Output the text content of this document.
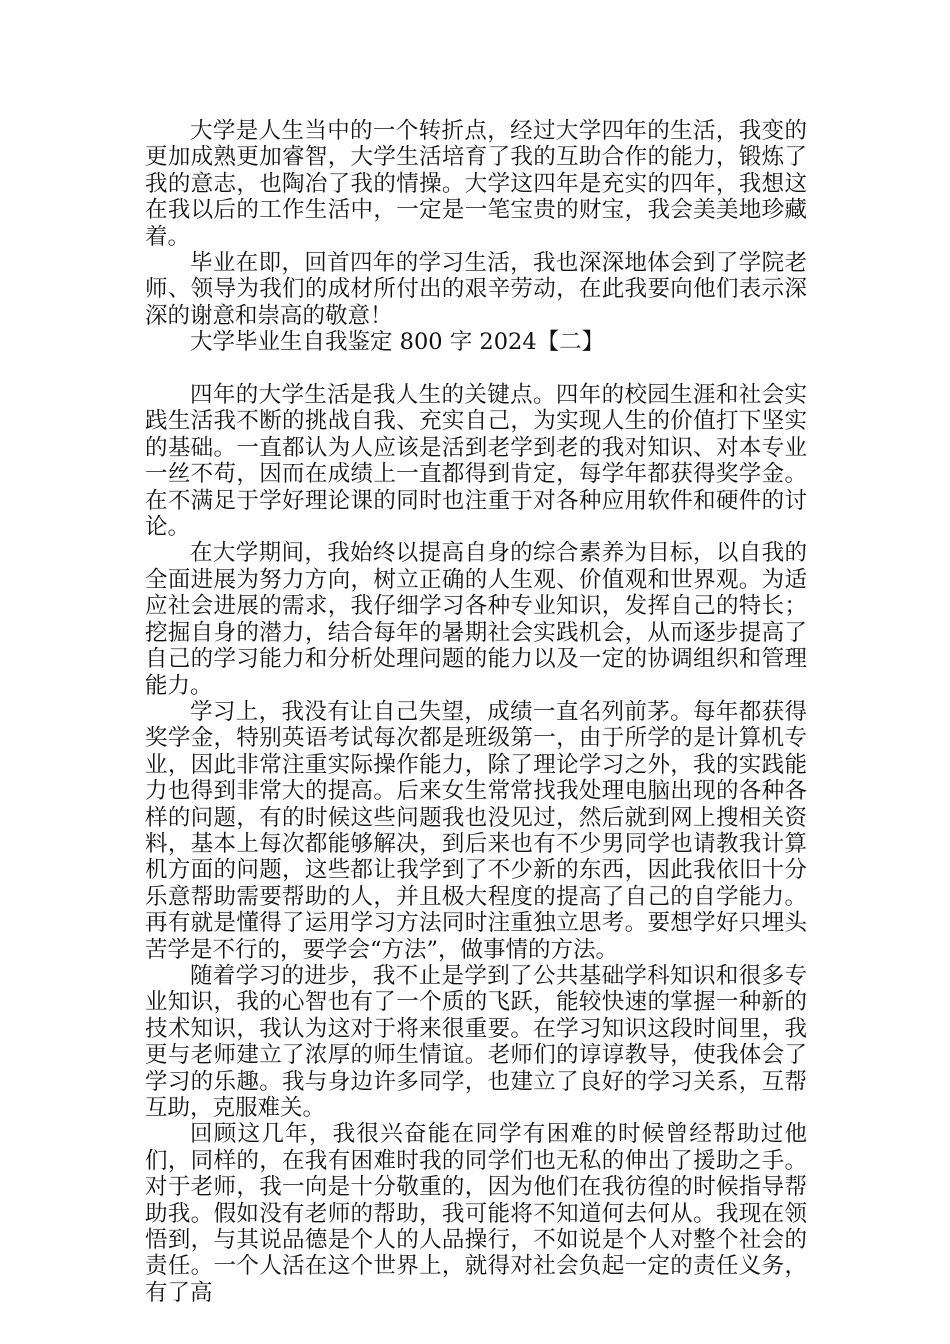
大学是人生当中的一个转折点，经过大学四年的生活，我变的更加成熟更加睿智，大学生活培育了我的互助合作的能力，锻炼了我的意志，也陶冶了我的情操。大学这四年是充实的四年，我想这在我以后的工作生活中，一定是一笔宝贵的财宝，我会美美地珍藏着。

毕业在即，回首四年的学习生活，我也深深地体会到了学院老师、领导为我们的成材所付出的艰辛劳动，在此我要向他们表示深深的谢意和崇高的敬意！

大学毕业生自我鉴定 800 字 2024【二】

四年的大学生活是我人生的关键点。四年的校园生涯和社会实践生活我不断的挑战自我、充实自己，为实现人生的价值打下坚实的基础。一直都认为人应该是活到老学到老的我对知识、对本专业一丝不苟，因而在成绩上一直都得到肯定，每学年都获得奖学金。在不满足于学好理论课的同时也注重于对各种应用软件和硬件的讨论。

在大学期间，我始终以提高自身的综合素养为目标，以自我的全面进展为努力方向，树立正确的人生观、价值观和世界观。为适应社会进展的需求，我仔细学习各种专业知识，发挥自己的特长；挖掘自身的潜力，结合每年的暑期社会实践机会，从而逐步提高了自己的学习能力和分析处理问题的能力以及一定的协调组织和管理能力。

学习上，我没有让自己失望，成绩一直名列前茅。每年都获得奖学金，特别英语考试每次都是班级第一，由于所学的是计算机专业，因此非常注重实际操作能力，除了理论学习之外，我的实践能力也得到非常大的提高。后来女生常常找我处理电脑出现的各种各样的问题，有的时候这些问题我也没见过，然后就到网上搜相关资料，基本上每次都能够解决，到后来也有不少男同学也请教我计算机方面的问题，这些都让我学到了不少新的东西，因此我依旧十分乐意帮助需要帮助的人，并且极大程度的提高了自己的自学能力。再有就是懂得了运用学习方法同时注重独立思考。要想学好只埋头苦学是不行的，要学会“方法”，做事情的方法。

随着学习的进步，我不止是学到了公共基础学科知识和很多专业知识，我的心智也有了一个质的飞跃，能较快速的掌握一种新的技术知识，我认为这对于将来很重要。在学习知识这段时间里，我更与老师建立了浓厚的师生情谊。老师们的谆谆教导，使我体会了学习的乐趣。我与身边许多同学，也建立了良好的学习关系，互帮互助，克服难关。

回顾这几年，我很兴奋能在同学有困难的时候曾经帮助过他们，同样的，在我有困难时我的同学们也无私的伸出了援助之手。对于老师，我一向是十分敬重的，因为他们在我彷徨的时候指导帮助我。假如没有老师的帮助，我可能将不知道何去何从。我现在领悟到，与其说品德是个人的人品操行，不如说是个人对整个社会的责任。一个人活在这个世界上，就得对社会负起一定的责任义务，有了高
